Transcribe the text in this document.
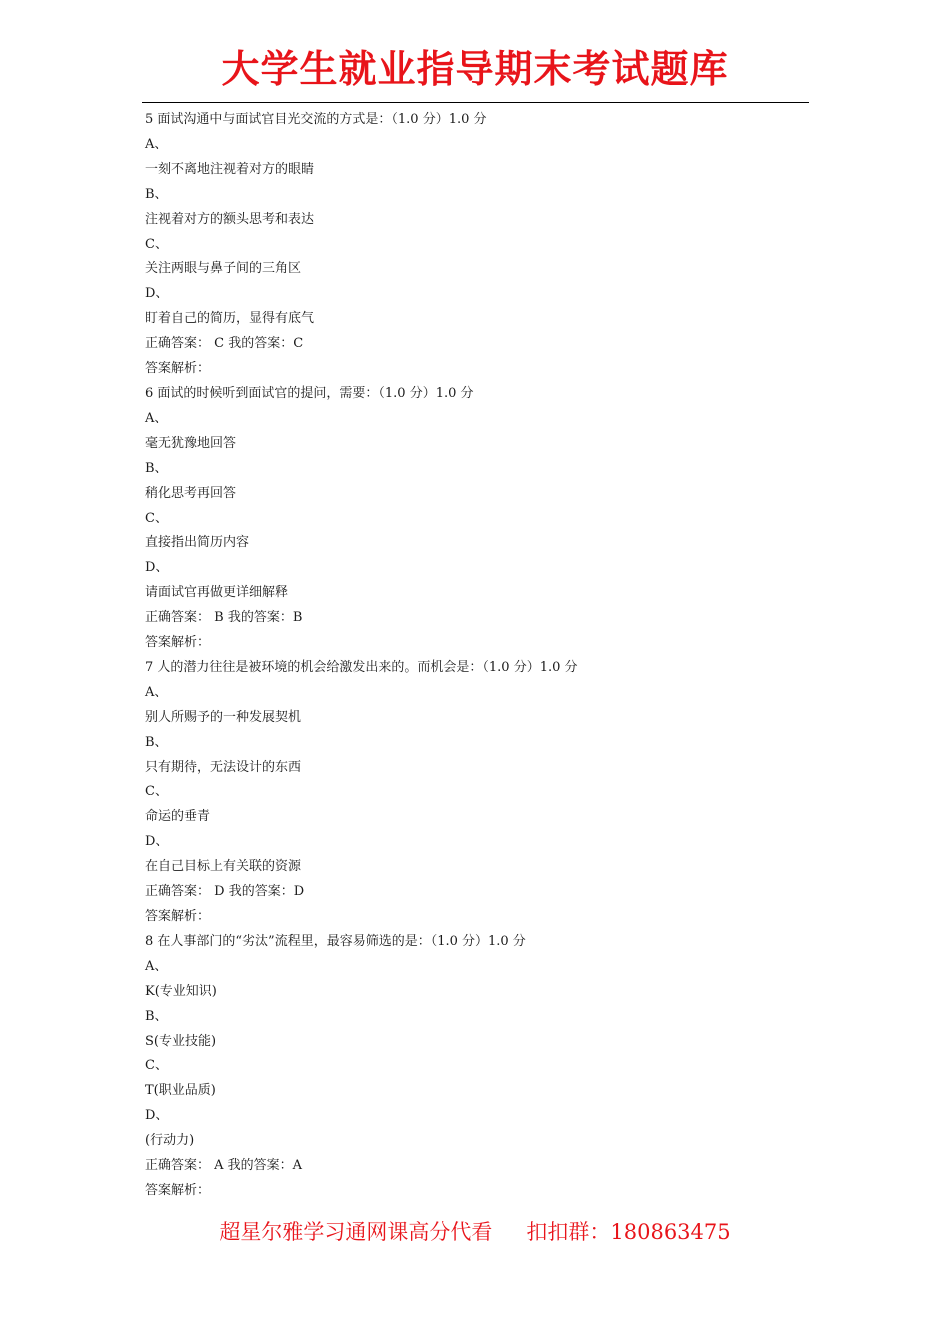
大学生就业指导期末考试题库
5 面试沟通中与面试官目光交流的方式是：（1.0 分）1.0 分
A、
一刻不离地注视着对方的眼睛
B、
注视着对方的额头思考和表达
C、
关注两眼与鼻子间的三角区
D、
盯着自己的简历，显得有底气
正确答案： C 我的答案：C
答案解析：
6 面试的时候听到面试官的提问，需要：（1.0 分）1.0 分
A、
毫无犹豫地回答
B、
稍化思考再回答
C、
直接指出简历内容
D、
请面试官再做更详细解释
正确答案： B 我的答案：B
答案解析：
7 人的潜力往往是被环境的机会给激发出来的。而机会是：（1.0 分）1.0 分
A、
别人所赐予的一种发展契机
B、
只有期待，无法设计的东西
C、
命运的垂青
D、
在自己目标上有关联的资源
正确答案： D 我的答案：D
答案解析：
8 在人事部门的“劣汰”流程里，最容易筛选的是：（1.0 分）1.0 分
A、
K(专业知识)
B、
S(专业技能)
C、
T(职业品质)
D、
(行动力)
正确答案： A 我的答案：A
答案解析：
超星尔雅学习通网课高分代看 扣扣群：180863475
